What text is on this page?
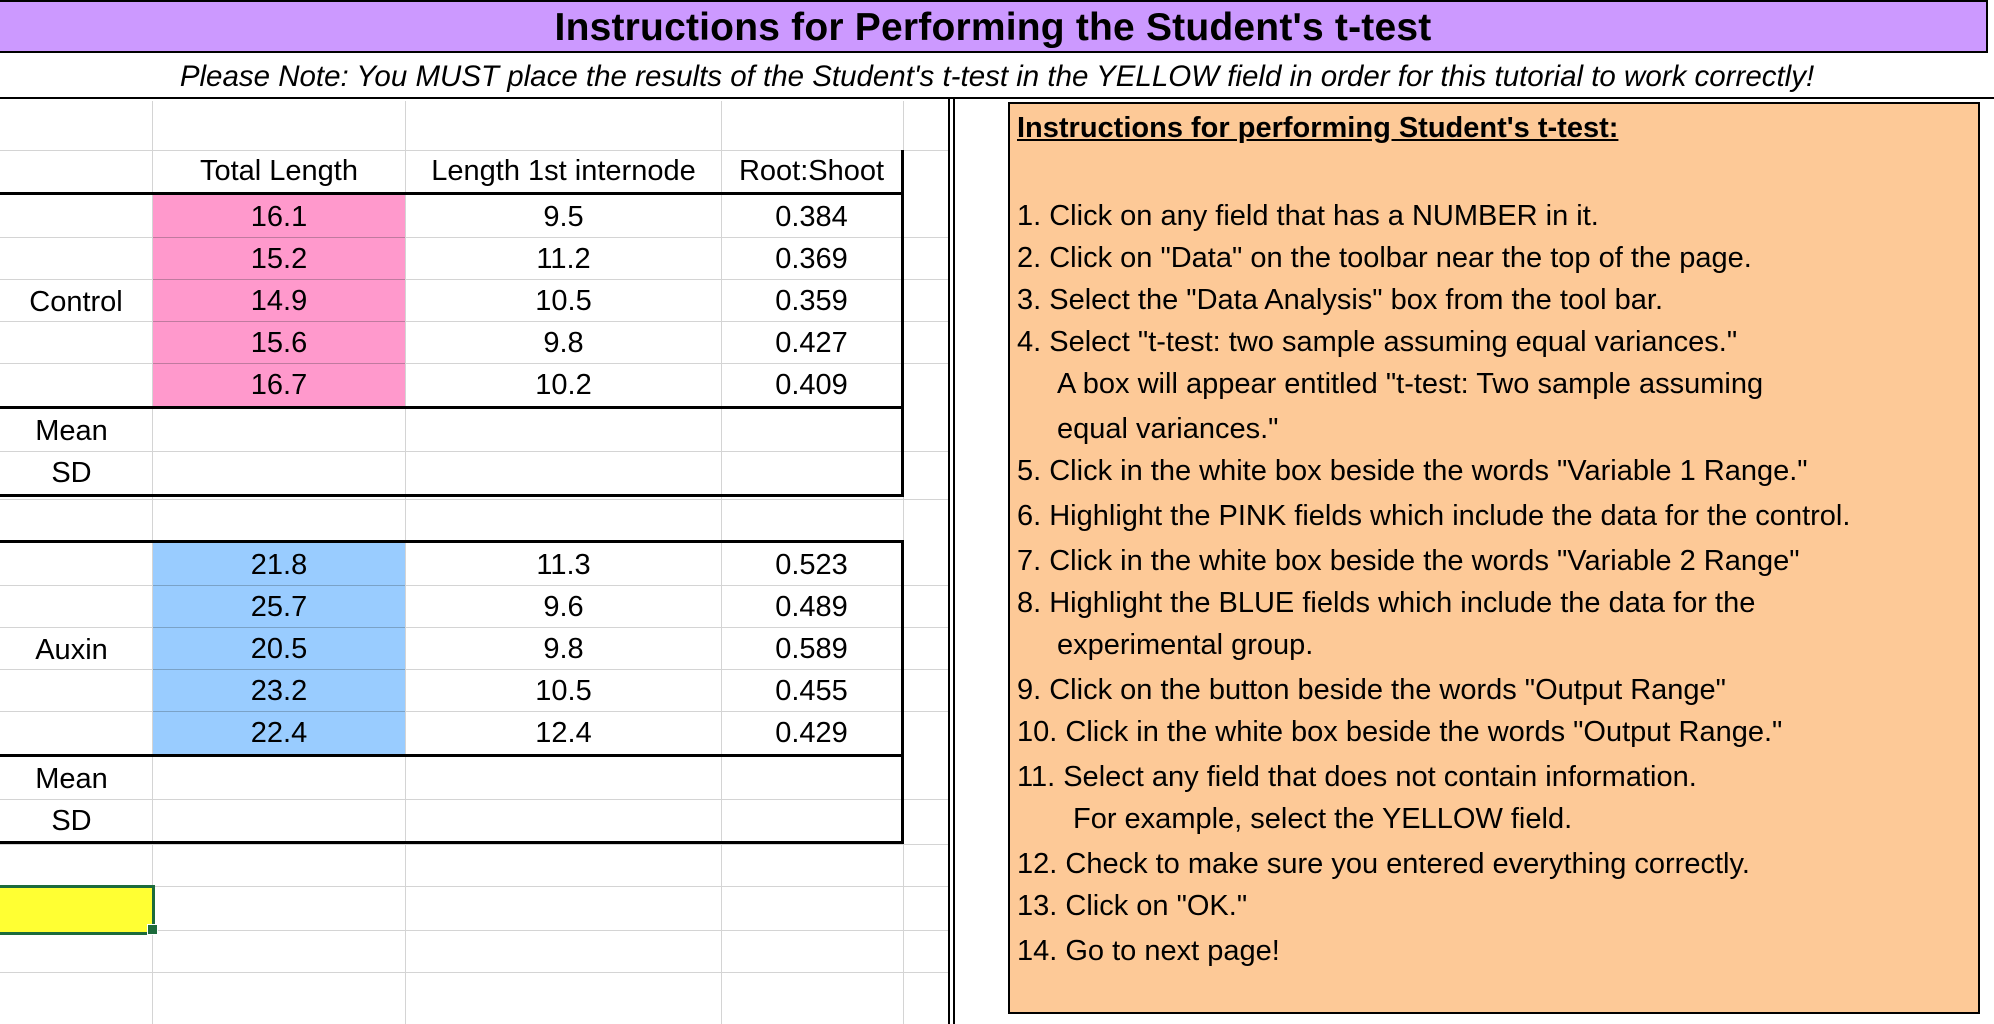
Instructions for Performing the Student's t-test
Please Note: You MUST place the results of the Student's t-test in the YELLOW field in order for this tutorial to work correctly!
Total Length	Length 1st internode	Root:Shoot
Control
16.1	9.5	0.384
15.2	11.2	0.369
14.9	10.5	0.359
15.6	9.8	0.427
16.7	10.2	0.409
Mean
SD
Auxin
21.8	11.3	0.523
25.7	9.6	0.489
20.5	9.8	0.589
23.2	10.5	0.455
22.4	12.4	0.429
Mean
SD
Instructions for performing Student's t-test:
1. Click on any field that has a NUMBER in it.
2. Click on "Data" on the toolbar near the top of the page.
3. Select the "Data Analysis" box from the tool bar.
4. Select "t-test: two sample assuming equal variances."
A box will appear entitled "t-test: Two sample assuming
equal variances."
5. Click in the white box beside the words "Variable 1 Range."
6. Highlight the PINK fields which include the data for the control.
7. Click in the white box beside the words "Variable 2 Range"
8. Highlight the BLUE fields which include the data for the
experimental group.
9. Click on the button beside the words "Output Range"
10. Click in the white box beside the words "Output Range."
11. Select any field that does not contain information.
For example, select the YELLOW field.
12. Check to make sure you entered everything correctly.
13. Click on "OK."
14. Go to next page!
